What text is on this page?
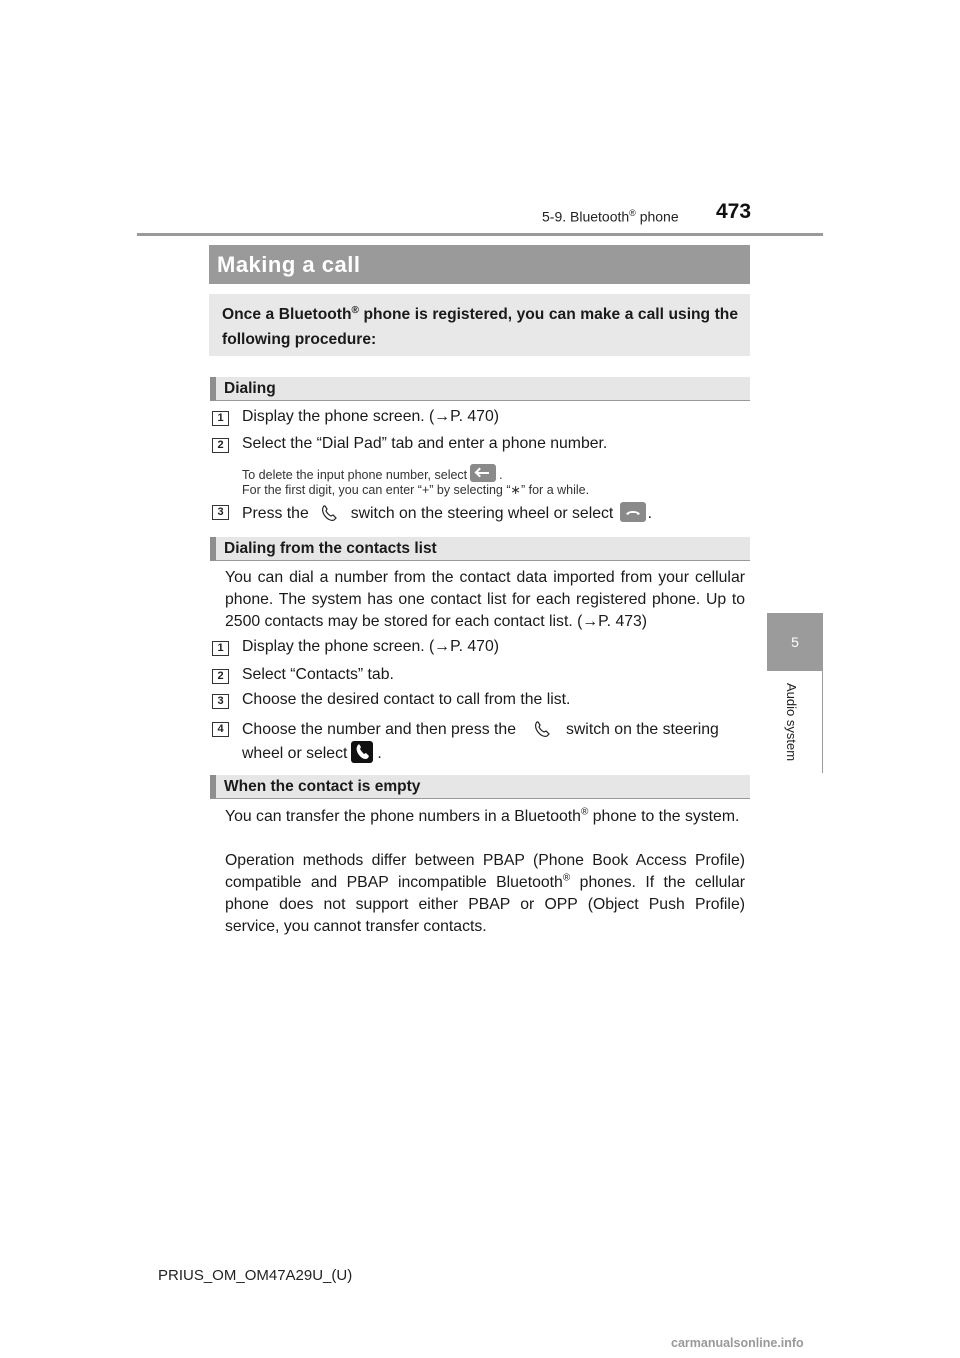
5-9. Bluetooth® phone 473
5
Audio system
Making a call
Once a Bluetooth® phone is registered, you can make a call using the following procedure:
Dialing
1	Display the phone screen. (→P. 470)
2	Select the “Dial Pad” tab and enter a phone number.
To delete the input phone number, select	.
For the first digit, you can enter “+” by selecting “∗” for a while.
3	Press the	switch on the steering wheel or select .
Dialing from the contacts list
You can dial a number from the contact data imported from your cellular phone. The system has one contact list for each registered phone. Up to 2500 contacts may be stored for each contact list. (→P. 473)
1	Display the phone screen. (→P. 470)
2	Select “Contacts” tab.
3	Choose the desired contact to call from the list.
4	Choose the number and then press the	switch on the steering
wheel or select .
When the contact is empty
You can transfer the phone numbers in a Bluetooth® phone to the system.
Operation methods differ between PBAP (Phone Book Access Profile) compatible and PBAP incompatible Bluetooth® phones. If the cellular phone does not support either PBAP or OPP (Object Push Profile) service, you cannot transfer contacts.
PRIUS_OM_OM47A29U_(U)
carmanualsonline.info
